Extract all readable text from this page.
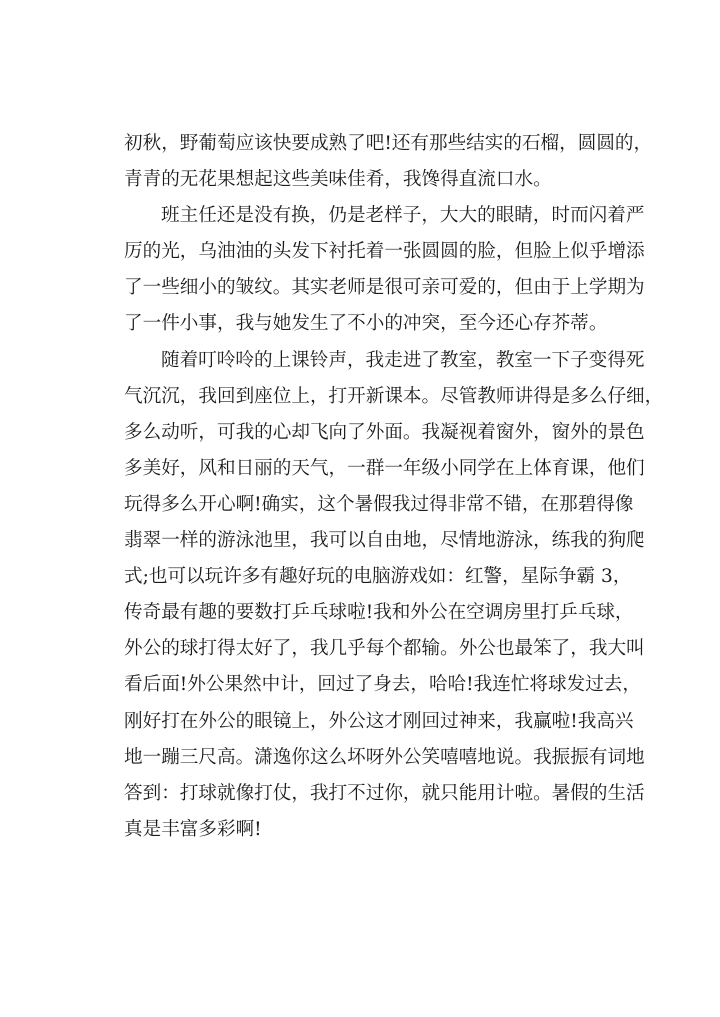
初秋，野葡萄应该快要成熟了吧!还有那些结实的石榴，圆圆的，
青青的无花果想起这些美味佳肴，我馋得直流口水。
班主任还是没有换，仍是老样子，大大的眼睛，时而闪着严
厉的光，乌油油的头发下衬托着一张圆圆的脸，但脸上似乎增添
了一些细小的皱纹。其实老师是很可亲可爱的，但由于上学期为
了一件小事，我与她发生了不小的冲突，至今还心存芥蒂。
随着叮呤呤的上课铃声，我走进了教室，教室一下子变得死
气沉沉，我回到座位上，打开新课本。尽管教师讲得是多么仔细，
多么动听，可我的心却飞向了外面。我凝视着窗外，窗外的景色
多美好，风和日丽的天气，一群一年级小同学在上体育课，他们
玩得多么开心啊!确实，这个暑假我过得非常不错，在那碧得像
翡翠一样的游泳池里，我可以自由地，尽情地游泳，练我的狗爬
式;也可以玩许多有趣好玩的电脑游戏如：红警，星际争霸 3，
传奇最有趣的要数打乒乓球啦!我和外公在空调房里打乒乓球，
外公的球打得太好了，我几乎每个都输。外公也最笨了，我大叫
看后面!外公果然中计，回过了身去，哈哈!我连忙将球发过去，
刚好打在外公的眼镜上，外公这才刚回过神来，我赢啦!我高兴
地一蹦三尺高。潇逸你这么坏呀外公笑嘻嘻地说。我振振有词地
答到：打球就像打仗，我打不过你，就只能用计啦。暑假的生活
真是丰富多彩啊!
